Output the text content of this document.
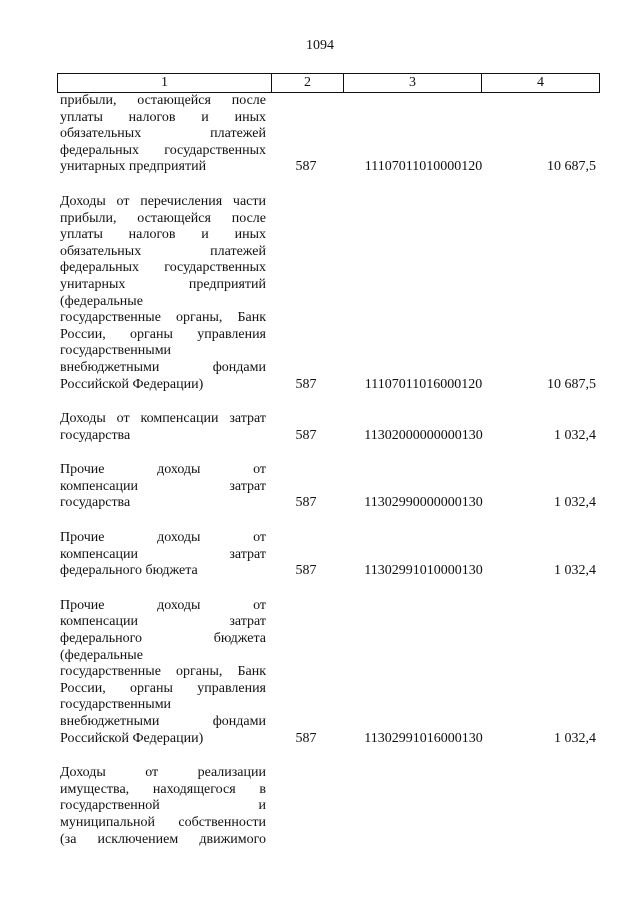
1094
1	2	3	4
прибыли, остающейся после
уплаты налогов и иных
обязательных платежей
федеральных государственных
унитарных предприятий	587	11107011010000120	10 687,5
Доходы от перечисления части
прибыли, остающейся после
уплаты налогов и иных
обязательных платежей
федеральных государственных
унитарных предприятий
(федеральные
государственные органы, Банк
России, органы управления
государственными
внебюджетными фондами
Российской Федерации)	587	11107011016000120	10 687,5
Доходы от компенсации затрат
государства	587	11302000000000130	1 032,4
Прочие доходы от
компенсации затрат
государства	587	11302990000000130	1 032,4
Прочие доходы от
компенсации затрат
федерального бюджета	587	11302991010000130	1 032,4
Прочие доходы от
компенсации затрат
федерального бюджета
(федеральные
государственные органы, Банк
России, органы управления
государственными
внебюджетными фондами
Российской Федерации)	587	11302991016000130	1 032,4
Доходы от реализации
имущества, находящегося в
государственной и
муниципальной собственности
(за исключением движимого
